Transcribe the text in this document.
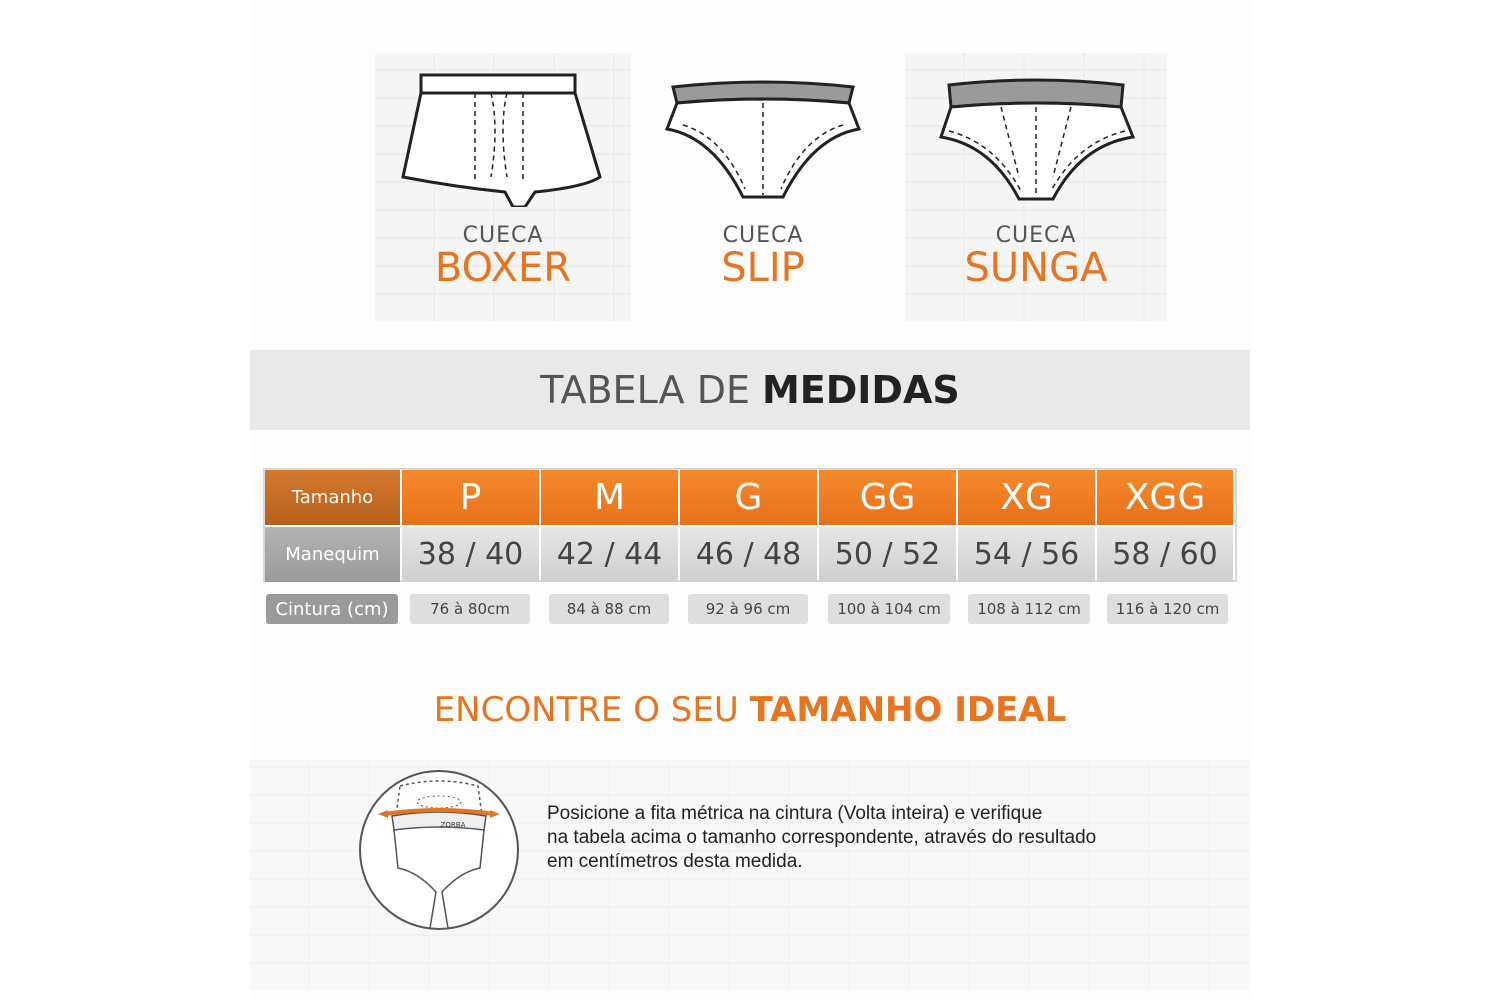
CUECA
BOXER
CUECA
SLIP
CUECA
SUNGA
TABELA DE MEDIDAS
Tamanho	P	M	G	GG	XG	XGG
Manequim	38 / 40	42 / 44	46 / 48	50 / 52	54 / 56	58 / 60
Cintura (cm)	76 à 80cm	84 à 88 cm	92 à 96 cm	100 à 104 cm	108 à 112 cm	116 à 120 cm
ENCONTRE O SEU TAMANHO IDEAL
ZORBA
Posicione a fita métrica na cintura (Volta inteira) e verifique
na tabela acima o tamanho correspondente, através do resultado
em centímetros desta medida.
